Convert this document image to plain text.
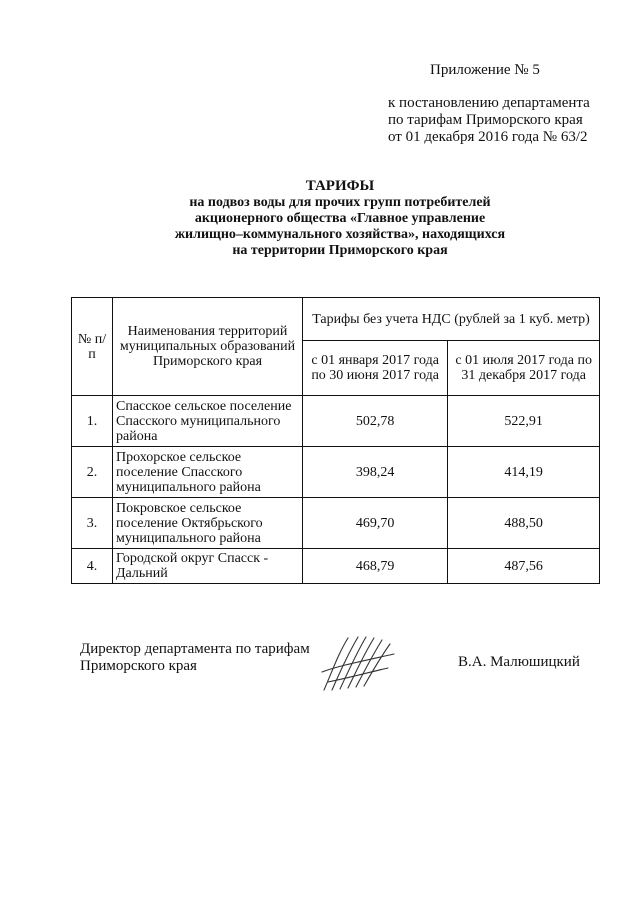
Приложение № 5
к постановлению департамента
по тарифам Приморского края
от 01 декабря 2016 года № 63/2
ТАРИФЫ
на подвоз воды для прочих групп потребителей
акционерного общества «Главное управление
жилищно–коммунального хозяйства», находящихся
на территории Приморского края
№ п/п	Наименования территорий муниципальных образований Приморского края	Тарифы без учета НДС (рублей за 1 куб. метр)	
		с 01 января 2017 года по 30 июня 2017 года	с 01 июля 2017 года по 31 декабря 2017 года
1.	Спасское сельское поселение Спасского муниципального района	502,78	522,91
2.	Прохорское сельское поселение Спасского муниципального района	398,24	414,19
3.	Покровское сельское поселение Октябрьского муниципального района	469,70	488,50
4.	Городской округ Спасск - Дальний	468,79	487,56
Директор департамента по тарифам
Приморского края	В.А. Малюшицкий
